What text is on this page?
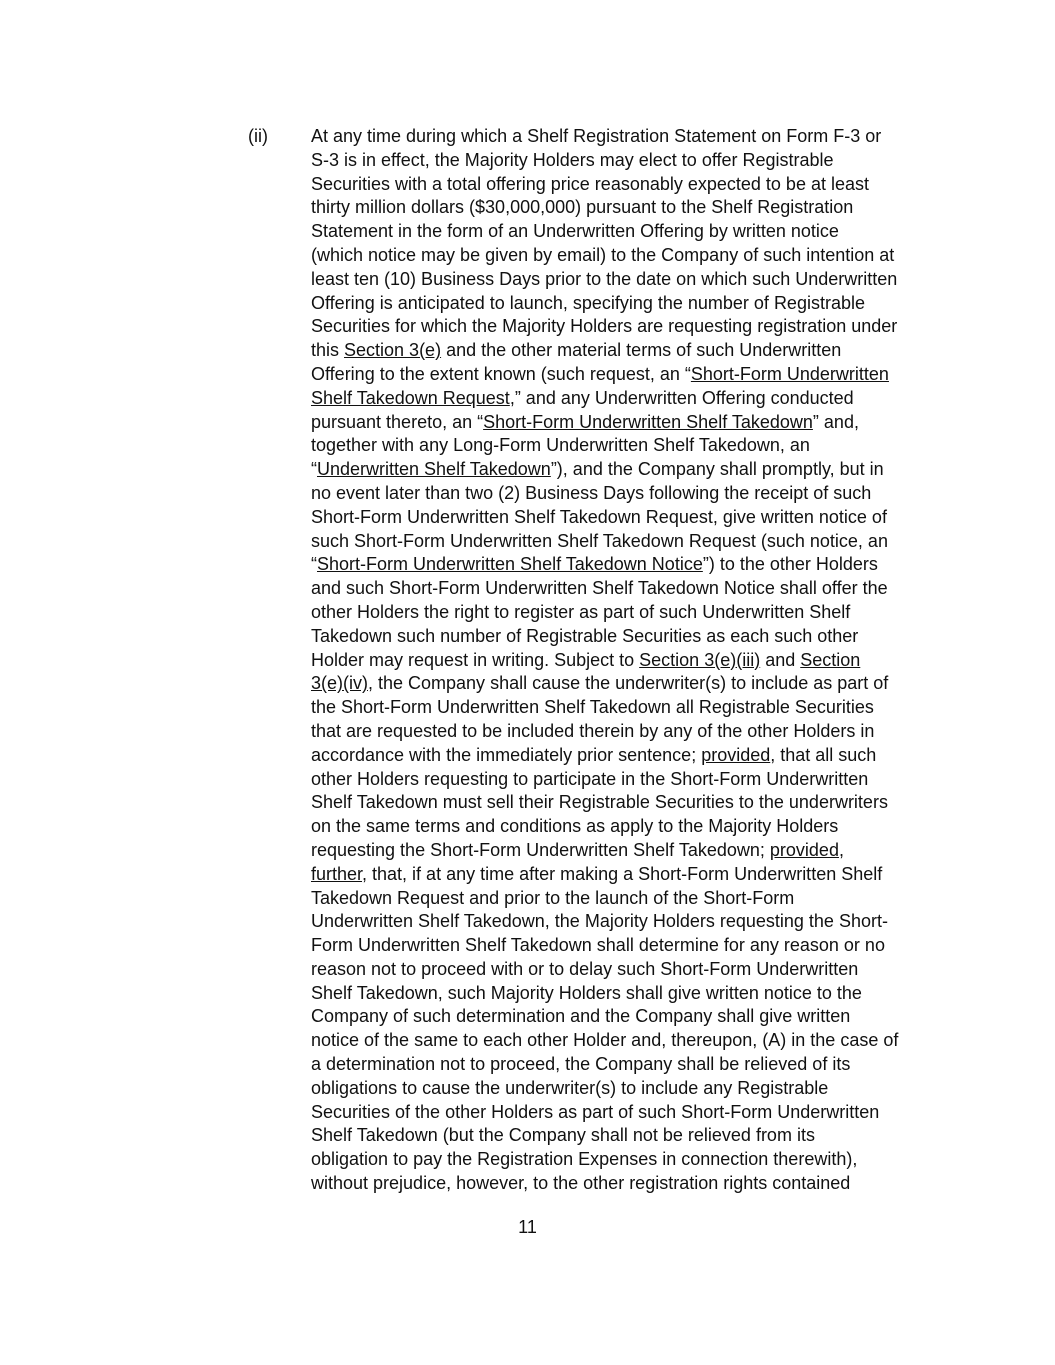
(ii) At any time during which a Shelf Registration Statement on Form F-3 or
S-3 is in effect, the Majority Holders may elect to offer Registrable
Securities with a total offering price reasonably expected to be at least
thirty million dollars ($30,000,000) pursuant to the Shelf Registration
Statement in the form of an Underwritten Offering by written notice
(which notice may be given by email) to the Company of such intention at
least ten (10) Business Days prior to the date on which such Underwritten
Offering is anticipated to launch, specifying the number of Registrable
Securities for which the Majority Holders are requesting registration under
this Section 3(e) and the other material terms of such Underwritten
Offering to the extent known (such request, an “Short-Form Underwritten
Shelf Takedown Request,” and any Underwritten Offering conducted
pursuant thereto, an “Short-Form Underwritten Shelf Takedown” and,
together with any Long-Form Underwritten Shelf Takedown, an
“Underwritten Shelf Takedown”), and the Company shall promptly, but in
no event later than two (2) Business Days following the receipt of such
Short-Form Underwritten Shelf Takedown Request, give written notice of
such Short-Form Underwritten Shelf Takedown Request (such notice, an
“Short-Form Underwritten Shelf Takedown Notice”) to the other Holders
and such Short-Form Underwritten Shelf Takedown Notice shall offer the
other Holders the right to register as part of such Underwritten Shelf
Takedown such number of Registrable Securities as each such other
Holder may request in writing. Subject to Section 3(e)(iii) and Section
3(e)(iv), the Company shall cause the underwriter(s) to include as part of
the Short-Form Underwritten Shelf Takedown all Registrable Securities
that are requested to be included therein by any of the other Holders in
accordance with the immediately prior sentence; provided, that all such
other Holders requesting to participate in the Short-Form Underwritten
Shelf Takedown must sell their Registrable Securities to the underwriters
on the same terms and conditions as apply to the Majority Holders
requesting the Short-Form Underwritten Shelf Takedown; provided,
further, that, if at any time after making a Short-Form Underwritten Shelf
Takedown Request and prior to the launch of the Short-Form
Underwritten Shelf Takedown, the Majority Holders requesting the Short-
Form Underwritten Shelf Takedown shall determine for any reason or no
reason not to proceed with or to delay such Short-Form Underwritten
Shelf Takedown, such Majority Holders shall give written notice to the
Company of such determination and the Company shall give written
notice of the same to each other Holder and, thereupon, (A) in the case of
a determination not to proceed, the Company shall be relieved of its
obligations to cause the underwriter(s) to include any Registrable
Securities of the other Holders as part of such Short-Form Underwritten
Shelf Takedown (but the Company shall not be relieved from its
obligation to pay the Registration Expenses in connection therewith),
without prejudice, however, to the other registration rights contained
11
